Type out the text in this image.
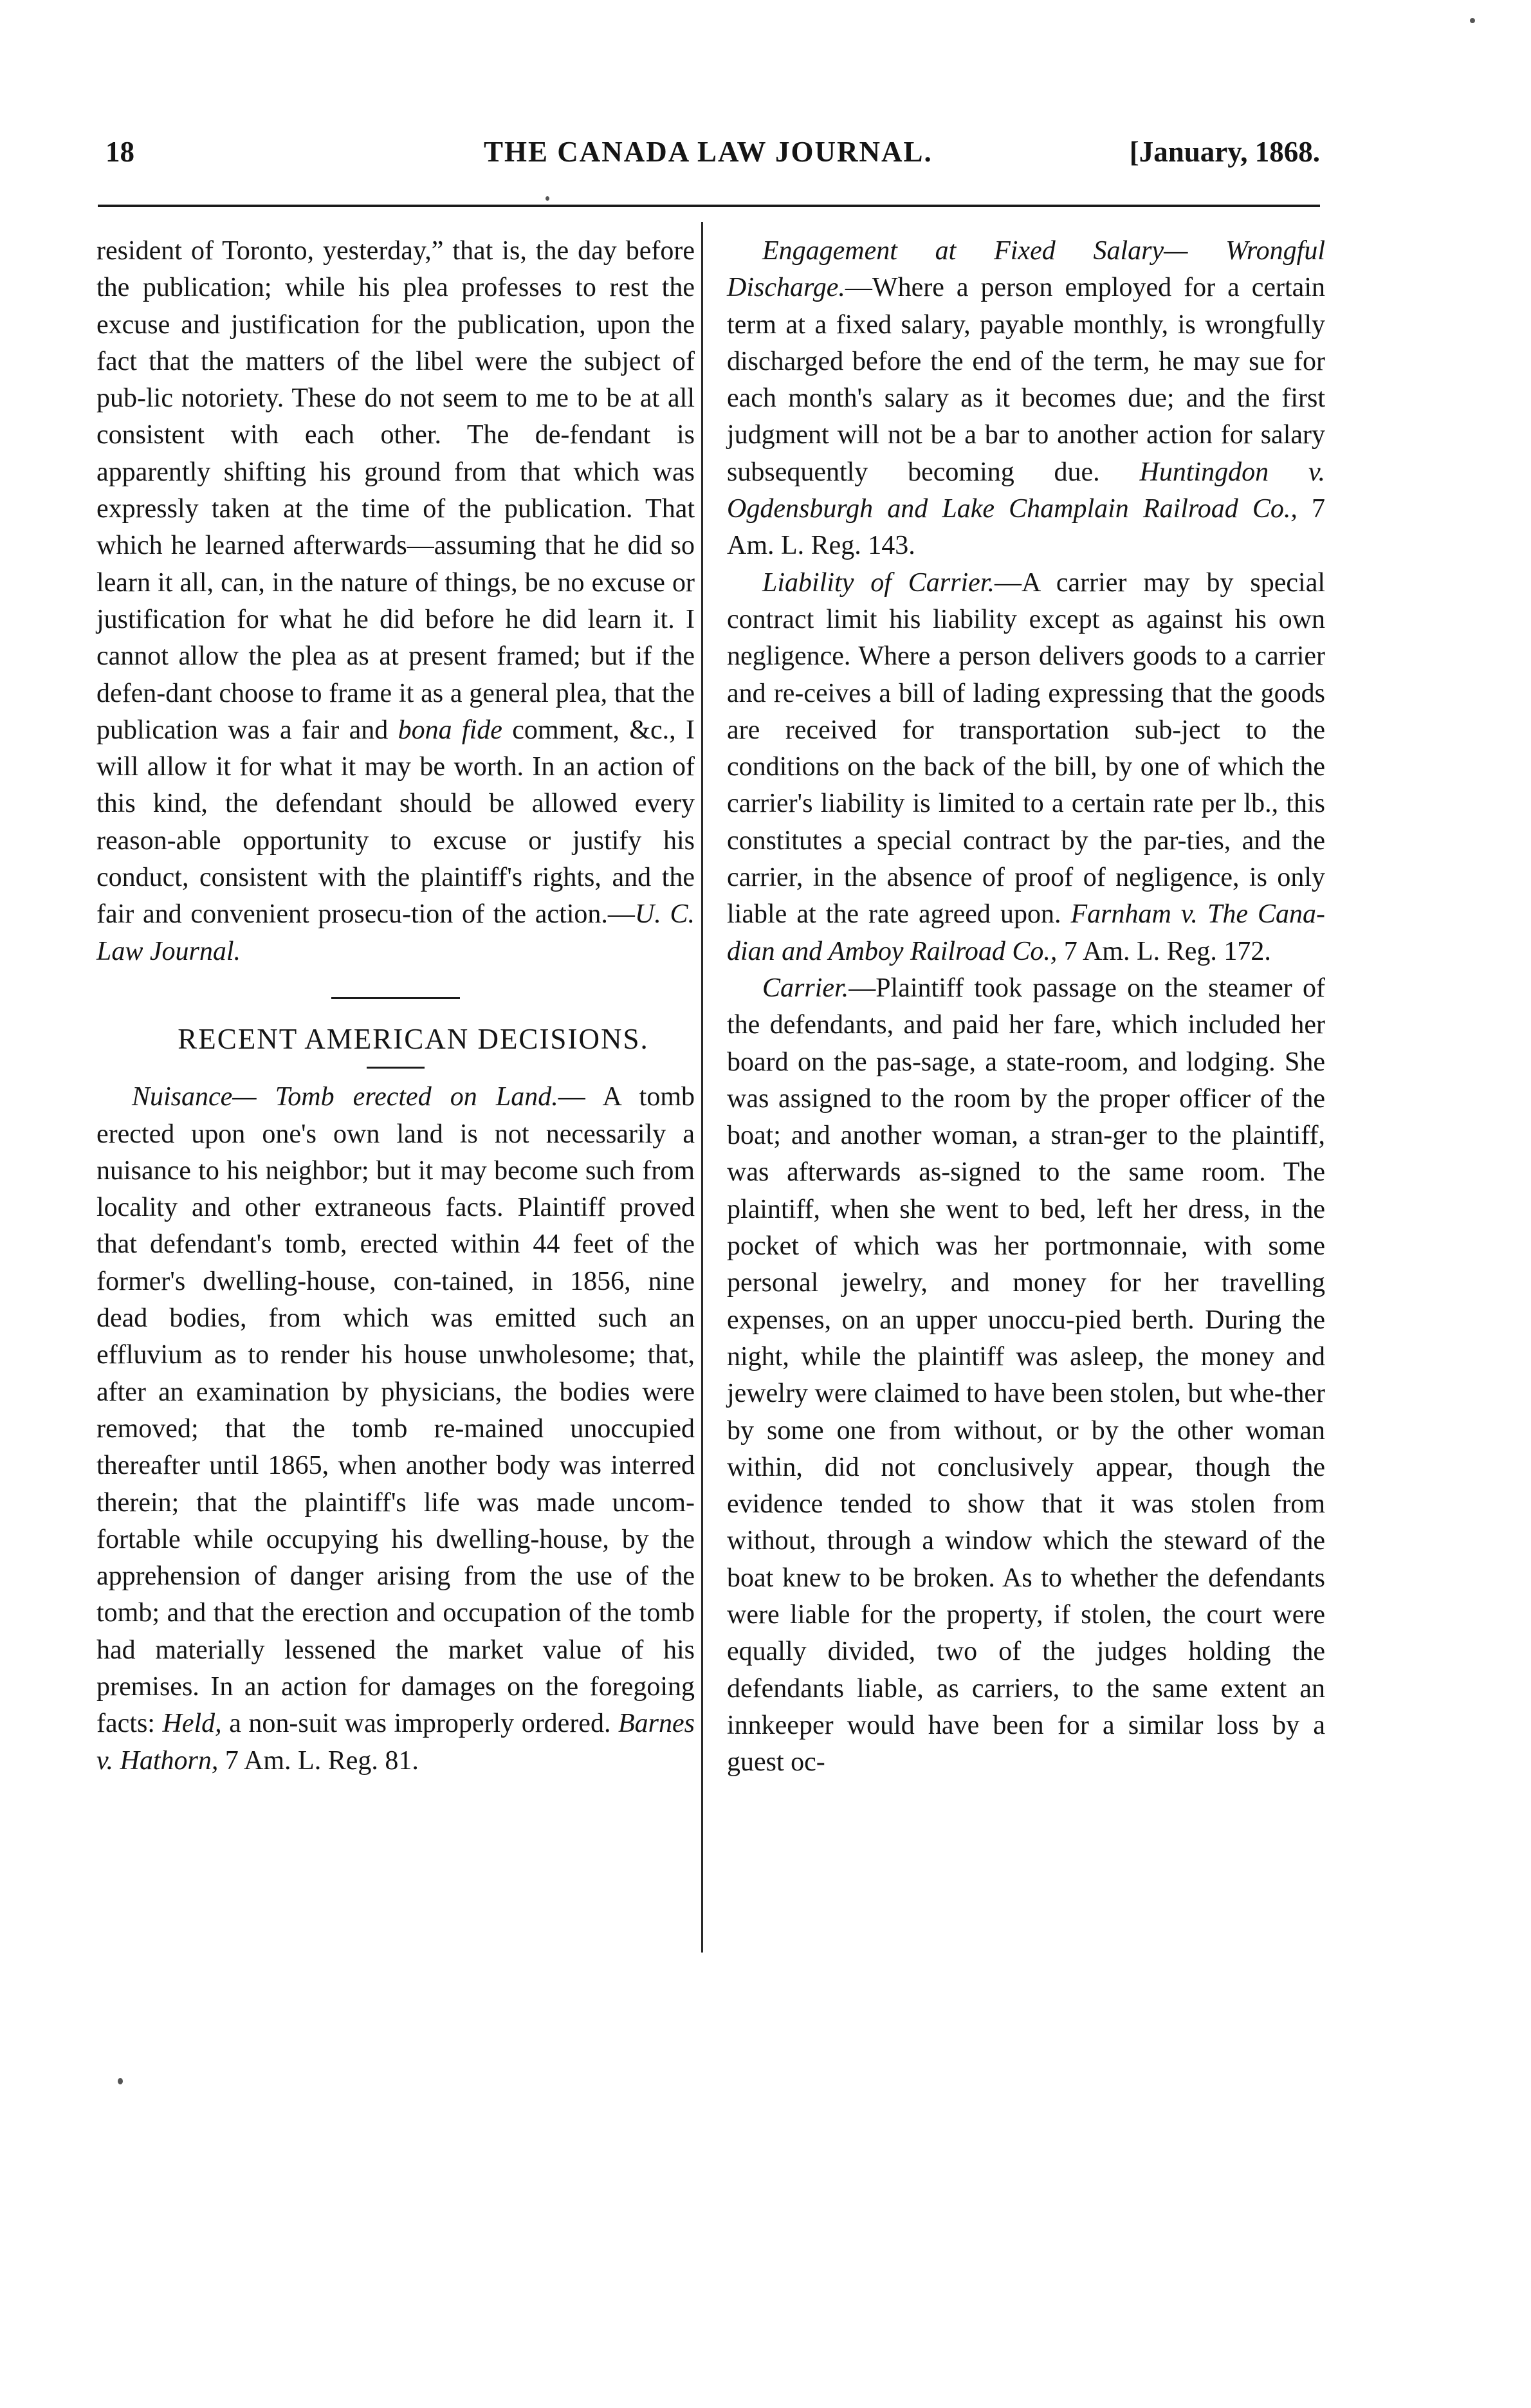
18	THE CANADA LAW JOURNAL.	[January, 1868.

resident of Toronto, yesterday,” that is, the day before the publication; while his plea professes to rest the excuse and justification for the publication, upon the fact that the matters of the libel were the subject of pub-lic notoriety. These do not seem to me to be at all consistent with each other. The de-fendant is apparently shifting his ground from that which was expressly taken at the time of the publication. That which he learned afterwards—assuming that he did so learn it all, can, in the nature of things, be no excuse or justification for what he did before he did learn it. I cannot allow the plea as at present framed; but if the defen-dant choose to frame it as a general plea, that the publication was a fair and bona fide comment, &c., I will allow it for what it may be worth. In an action of this kind, the defendant should be allowed every reason-able opportunity to excuse or justify his conduct, consistent with the plaintiff's rights, and the fair and convenient prosecu-tion of the action.—U. C. Law Journal.

RECENT AMERICAN DECISIONS.

Nuisance— Tomb erected on Land.— A tomb erected upon one's own land is not necessarily a nuisance to his neighbor; but it may become such from locality and other extraneous facts. Plaintiff proved that defendant's tomb, erected within 44 feet of the former's dwelling-house, con-tained, in 1856, nine dead bodies, from which was emitted such an effluvium as to render his house unwholesome; that, after an examination by physicians, the bodies were removed; that the tomb re-mained unoccupied thereafter until 1865, when another body was interred therein; that the plaintiff's life was made uncom-fortable while occupying his dwelling-house, by the apprehension of danger arising from the use of the tomb; and that the erection and occupation of the tomb had materially lessened the market value of his premises. In an action for damages on the foregoing facts: Held, a non-suit was improperly ordered. Barnes v. Hathorn, 7 Am. L. Reg. 81.

Engagement at Fixed Salary— Wrongful Discharge.—Where a person employed for a certain term at a fixed salary, payable monthly, is wrongfully discharged before the end of the term, he may sue for each month's salary as it becomes due; and the first judgment will not be a bar to another action for salary subsequently becoming due. Huntingdon v. Ogdensburgh and Lake Champlain Railroad Co., 7 Am. L. Reg. 143.

Liability of Carrier.—A carrier may by special contract limit his liability except as against his own negligence. Where a person delivers goods to a carrier and re-ceives a bill of lading expressing that the goods are received for transportation sub-ject to the conditions on the back of the bill, by one of which the carrier's liability is limited to a certain rate per lb., this constitutes a special contract by the par-ties, and the carrier, in the absence of proof of negligence, is only liable at the rate agreed upon. Farnham v. The Cana-dian and Amboy Railroad Co., 7 Am. L. Reg. 172.

Carrier.—Plaintiff took passage on the steamer of the defendants, and paid her fare, which included her board on the pas-sage, a state-room, and lodging. She was assigned to the room by the proper officer of the boat; and another woman, a stran-ger to the plaintiff, was afterwards as-signed to the same room. The plaintiff, when she went to bed, left her dress, in the pocket of which was her portmonnaie, with some personal jewelry, and money for her travelling expenses, on an upper unoccu-pied berth. During the night, while the plaintiff was asleep, the money and jewelry were claimed to have been stolen, but whe-ther by some one from without, or by the other woman within, did not conclusively appear, though the evidence tended to show that it was stolen from without, through a window which the steward of the boat knew to be broken. As to whether the defendants were liable for the property, if stolen, the court were equally divided, two of the judges holding the defendants liable, as carriers, to the same extent an innkeeper would have been for a similar loss by a guest oc-
